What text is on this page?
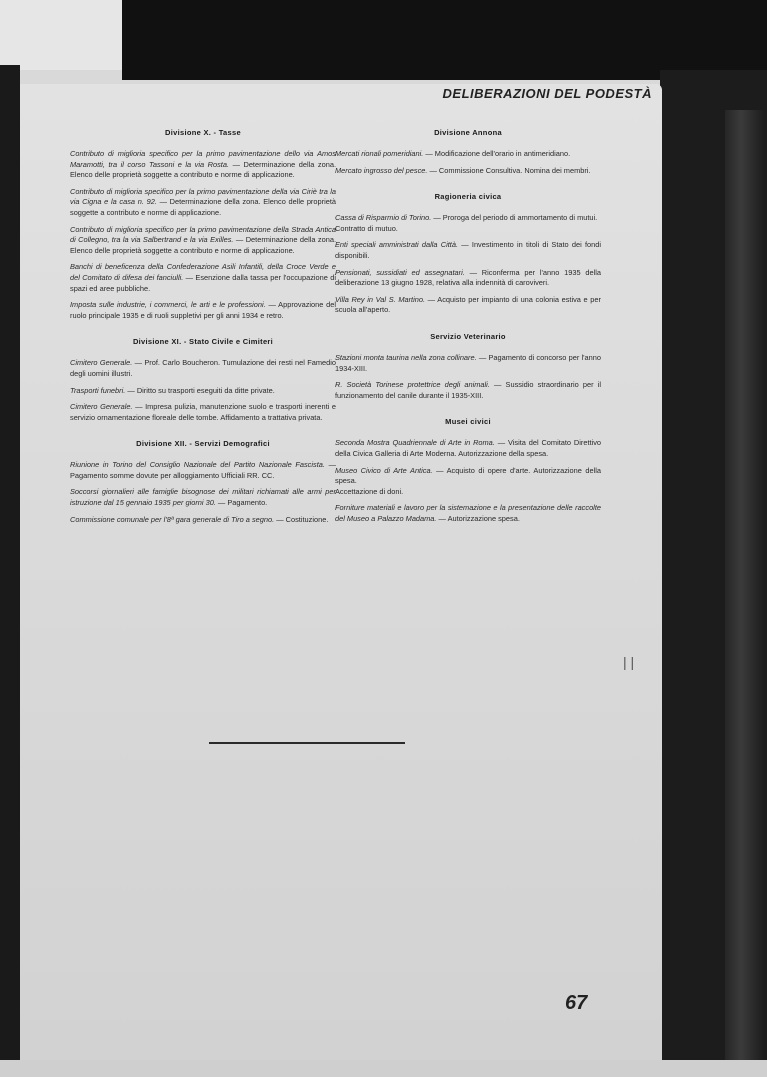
DELIBERAZIONI DEL PODESTÀ
Divisione X. - Tasse

Contributo di miglioria specifico per la primo pavimentazione dello via Amos Maramotti, tra il corso Tassoni e la via Rosta. — Determinazione della zona. Elenco delle proprietà soggette a contributo e norme di applicazione.

Contributo di miglioria specifico per la primo pavimentazione della via Ciriè tra la via Cigna e la casa n. 92. — Determinazione della zona. Elenco delle proprietà soggette a contributo e norme di applicazione.

Contributo di miglioria specifico per la primo pavimentazione della Strada Antica di Collegno, tra la via Salbertrand e la via Exilles. — Determinazione della zona. Elenco delle proprietà soggette a contributo e norme di applicazione.

Banchi di beneficenza della Confederazione Asili Infantili, della Croce Verde e del Comitato di difesa dei fanciulli. — Esenzione dalla tassa per l'occupazione di spazi ed aree pubbliche.

Imposta sulle industrie, i commerci, le arti e le professioni. — Approvazione del ruolo principale 1935 e di ruoli suppletivi per gli anni 1934 e retro.

Divisione XI. - Stato Civile e Cimiteri

Cimitero Generale. — Prof. Carlo Boucheron. Tumulazione dei resti nel Famedio degli uomini illustri.

Trasporti funebri. — Diritto su trasporti eseguiti da ditte private.

Cimitero Generale. — Impresa pulizia, manutenzione suolo e trasporti inerenti e servizio ornamentazione floreale delle tombe. Affidamento a trattativa privata.

Divisione XII. - Servizi Demografici

Riunione in Torino del Consiglio Nazionale del Partito Nazionale Fascista. — Pagamento somme dovute per alloggiamento Ufficiali RR. CC.

Soccorsi giornalieri alle famiglie bisognose dei militari richiamati alle armi per istruzione dal 15 gennaio 1935 per giorni 30. — Pagamento.

Commissione comunale per l'8ª gara generale di Tiro a segno. — Costituzione.

Divisione Annona

Mercati rionali pomeridiani. — Modificazione dell'orario in antimeridiano.

Mercato ingrosso del pesce. — Commissione Consultiva. Nomina dei membri.

Ragioneria civica

Cassa di Risparmio di Torino. — Proroga del periodo di ammortamento di mutui.
Contratto di mutuo.

Enti speciali amministrati dalla Città. — Investimento in titoli di Stato dei fondi disponibili.

Pensionati, sussidiati ed assegnatari. — Riconferma per l'anno 1935 della deliberazione 13 giugno 1928, relativa alla indennità di caroviveri.

Villa Rey in Val S. Martino. — Acquisto per impianto di una colonia estiva e per scuola all'aperto.

Servizio Veterinario

Stazioni monta taurina nella zona collinare. — Pagamento di concorso per l'anno 1934-XIII.

R. Società Torinese protettrice degli animali. — Sussidio straordinario per il funzionamento del canile durante il 1935-XIII.

Musei civici

Seconda Mostra Quadriennale di Arte in Roma. — Visita del Comitato Direttivo della Civica Galleria di Arte Moderna. Autorizzazione della spesa.

Museo Civico di Arte Antica. — Acquisto di opere d'arte. Autorizzazione della spesa.
Accettazione di doni.

Forniture materiali e lavoro per la sistemazione e la presentazione delle raccolte del Museo a Palazzo Madama. — Autorizzazione spesa.

67
| |
